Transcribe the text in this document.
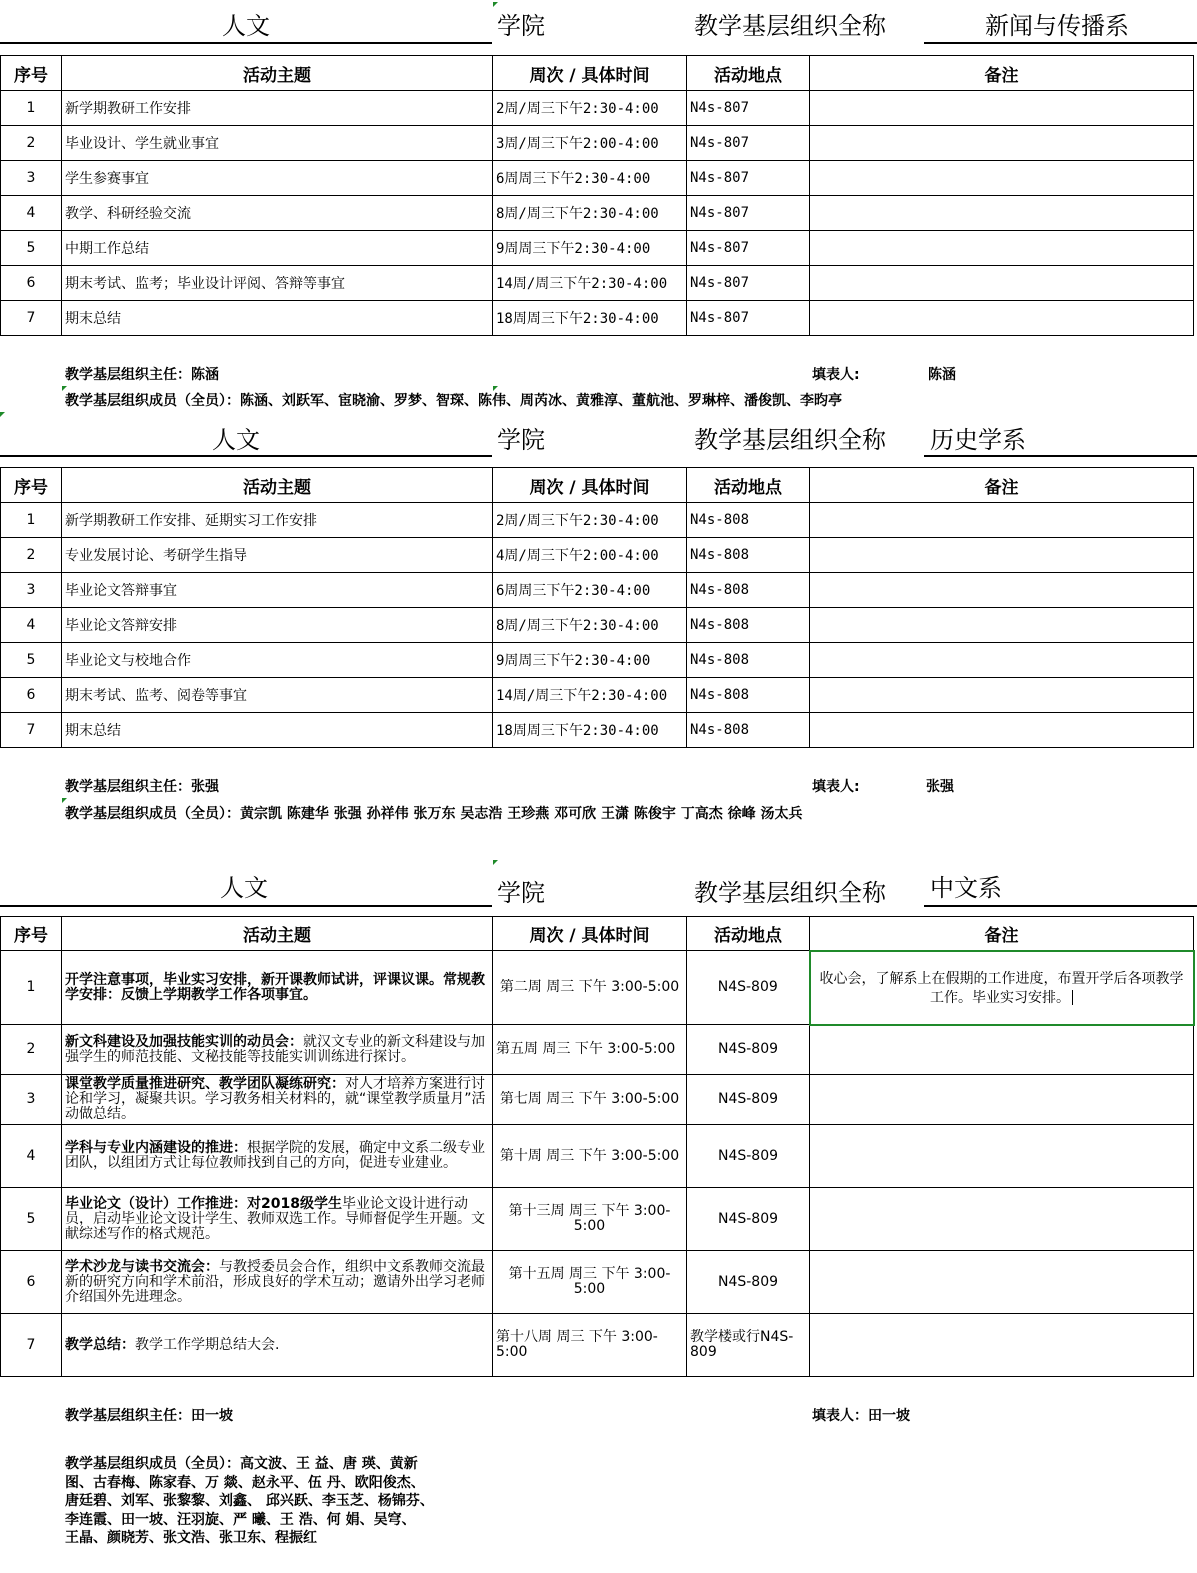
人文	学院	教学基层组织全称	新闻与传播系
序号	活动主题	周次 / 具体时间	活动地点	备注
1	新学期教研工作安排	2周/周三下午2:30-4:00	N4s-807	
2	毕业设计、学生就业事宜	3周/周三下午2:00-4:00	N4s-807	
3	学生参赛事宜	6周周三下午2:30-4:00	N4s-807	
4	教学、科研经验交流	8周/周三下午2:30-4:00	N4s-807	
5	中期工作总结	9周周三下午2:30-4:00	N4s-807	
6	期末考试、监考；毕业设计评阅、答辩等事宜	14周/周三下午2:30-4:00	N4s-807	
7	期末总结	18周周三下午2:30-4:00	N4s-807	
教学基层组织主任：陈涵	填表人:	陈涵
教学基层组织成员（全员）：陈涵、刘跃军、宦晓渝、罗梦、智琛、陈伟、周芮冰、黄雅淳、董航池、罗琳梓、潘俊凯、李昀亭
人文	学院	教学基层组织全称 历史学系
序号	活动主题	周次 / 具体时间	活动地点	备注
1	新学期教研工作安排、延期实习工作安排	2周/周三下午2:30-4:00	N4s-808	
2	专业发展讨论、考研学生指导	4周/周三下午2:00-4:00	N4s-808	
3	毕业论文答辩事宜	6周周三下午2:30-4:00	N4s-808	
4	毕业论文答辩安排	8周/周三下午2:30-4:00	N4s-808	
5	毕业论文与校地合作	9周周三下午2:30-4:00	N4s-808	
6	期末考试、监考、阅卷等事宜	14周/周三下午2:30-4:00	N4s-808	
7	期末总结	18周周三下午2:30-4:00	N4s-808	
教学基层组织主任：张强	填表人:	张强
教学基层组织成员（全员）：黄宗凯 陈建华 张强 孙祥伟 张万东 吴志浩 王珍燕 邓可欣 王潇 陈俊宇 丁高杰 徐峰 汤太兵
人文	学院	教学基层组织全称 中文系
序号	活动主题	周次 / 具体时间	活动地点	备注
1	开学注意事项，毕业实习安排，新开课教师试讲，评课议课。常规教学安排：反馈上学期教学工作各项事宜。	第二周 周三 下午 3:00-5:00	N4S-809	收心会，了解系上在假期的工作进度，布置开学后各项教学工作。毕业实习安排。
2	新文科建设及加强技能实训的动员会：就汉文专业的新文科建设与加强学生的师范技能、文秘技能等技能实训训练进行探讨。	第五周 周三 下午 3:00-5:00	N4S-809	
3	课堂教学质量推进研究、教学团队凝练研究：对人才培养方案进行讨论和学习，凝聚共识。学习教务相关材料的，就“课堂教学质量月”活动做总结。	第七周 周三 下午 3:00-5:00	N4S-809	
4	学科与专业内涵建设的推进：根据学院的发展，确定中文系二级专业团队，以组团方式让每位教师找到自己的方向，促进专业建业。	第十周 周三 下午 3:00-5:00	N4S-809	
5	毕业论文（设计）工作推进：对2018级学生毕业论文设计进行动员，启动毕业论文设计学生、教师双选工作。导师督促学生开题。文献综述写作的格式规范。	第十三周 周三 下午 3:00-5:00	N4S-809	
6	学术沙龙与读书交流会：与教授委员会合作，组织中文系教师交流最新的研究方向和学术前沿，形成良好的学术互动；邀请外出学习老师介绍国外先进理念。	第十五周 周三 下午 3:00-5:00	N4S-809	
7	教学总结：教学工作学期总结大会.	第十八周 周三 下午 3:00-5:00	教学楼或行N4S-809	
教学基层组织主任：田一坡	填表人：田一坡
教学基层组织成员（全员）：高文波、王 益、唐 瑛、黄新
图、古春梅、陈家春、万 燚、赵永平、伍 丹、欧阳俊杰、
唐廷碧、刘军、张黎黎、刘鑫、 邱兴跃、李玉芝、杨锦芬、
李连霞、田一坡、汪羽旋、严 曦、王 浩、何 娟、吴穹、
王晶、颜晓芳、张文浩、张卫东、程振红
